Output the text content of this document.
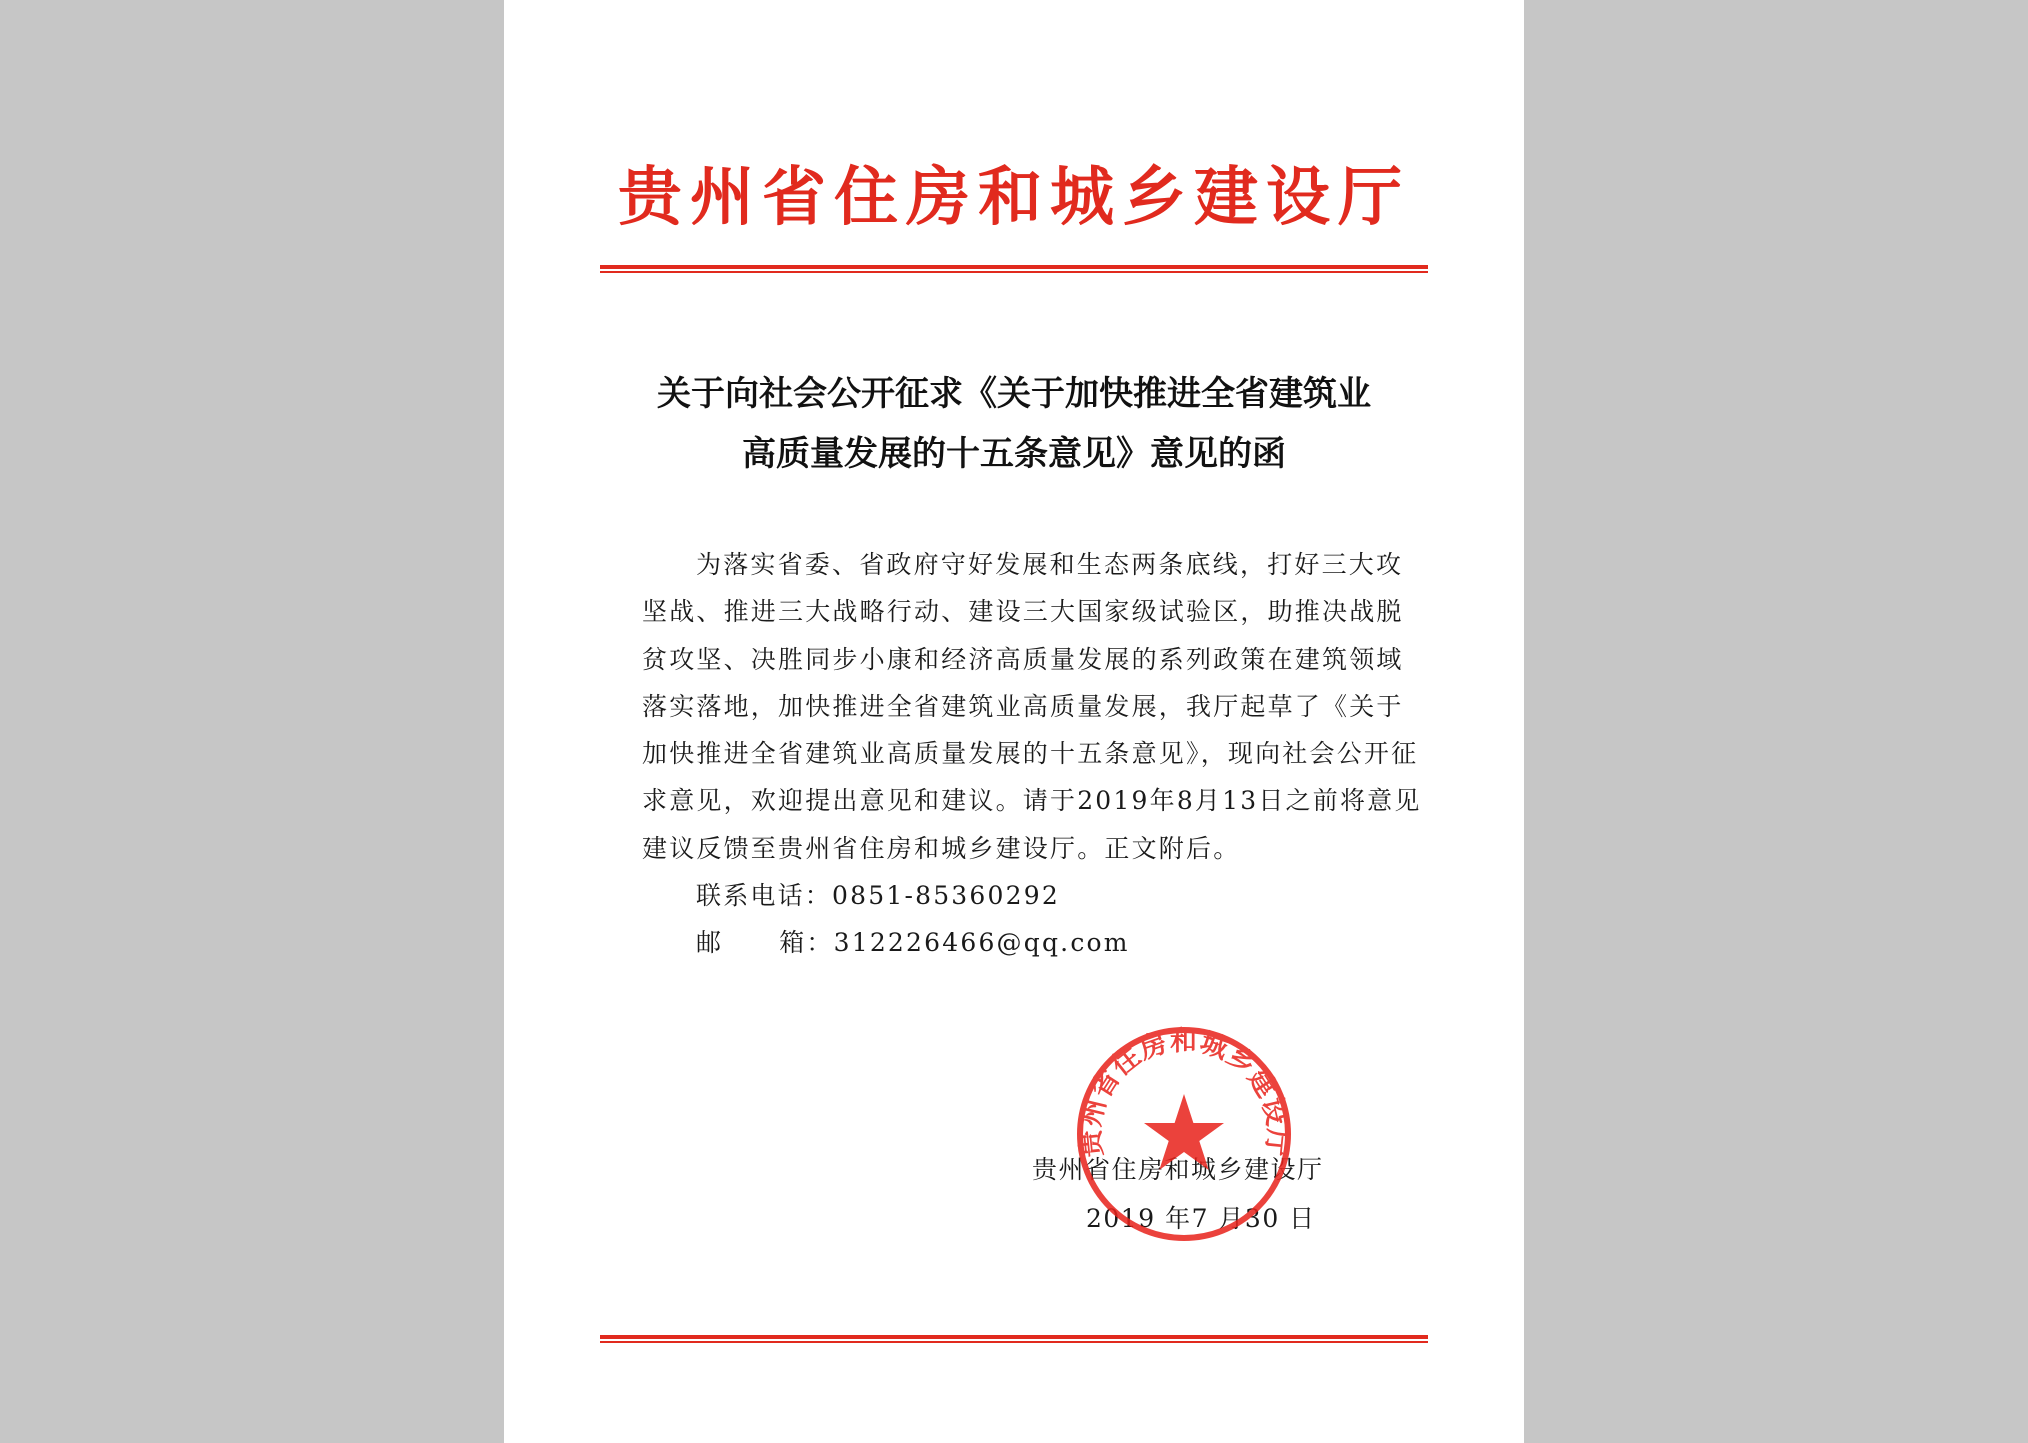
贵州省住房和城乡建设厅
关于向社会公开征求《关于加快推进全省建筑业
高质量发展的十五条意见》意见的函
为落实省委、省政府守好发展和生态两条底线，打好三大攻
坚战、推进三大战略行动、建设三大国家级试验区，助推决战脱
贫攻坚、决胜同步小康和经济高质量发展的系列政策在建筑领域
落实落地，加快推进全省建筑业高质量发展，我厅起草了《关于
加快推进全省建筑业高质量发展的十五条意见》，现向社会公开征
求意见，欢迎提出意见和建议。请于2019年8月13日之前将意见
建议反馈至贵州省住房和城乡建设厅。正文附后。
联系电话：0851-85360292
邮 箱：312226466@qq.com
贵州省住房和城乡建设厅
2019 年7 月30 日
贵州省住房和城乡建设厅
